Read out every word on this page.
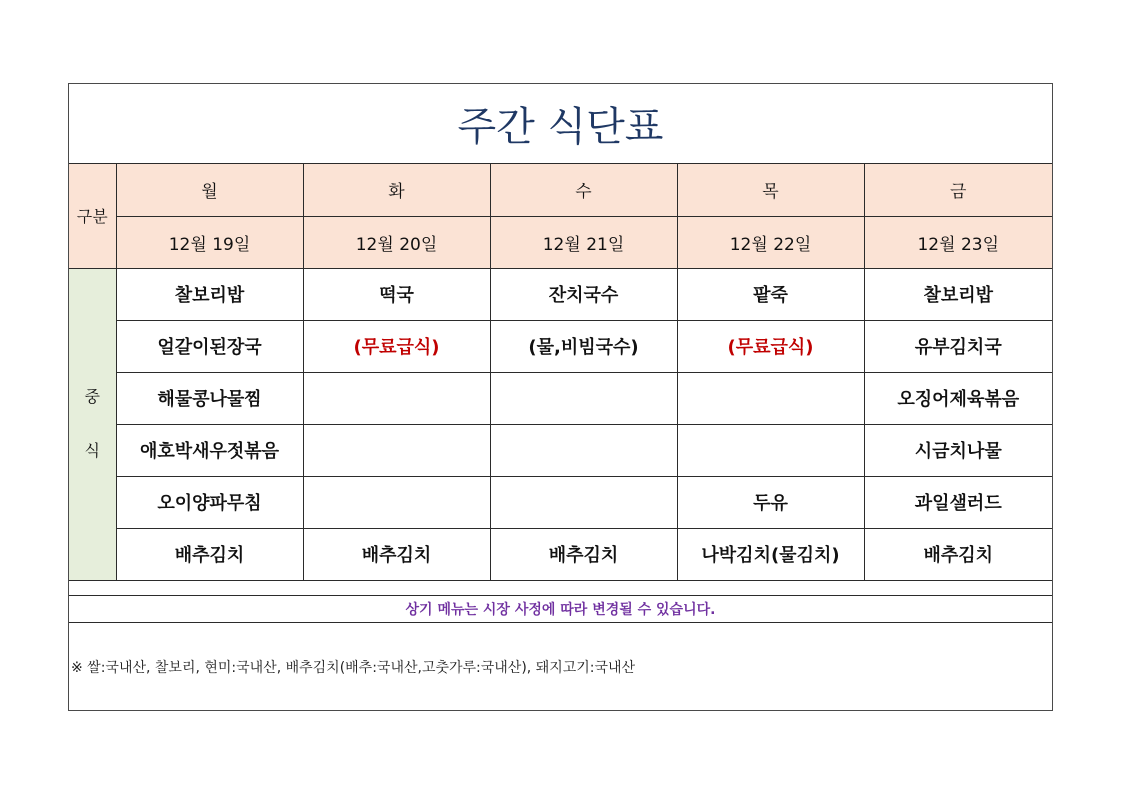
주간 식단표
구분	월	화	수	목	금
	12월 19일	12월 20일	12월 21일	12월 22일	12월 23일
중
식	찰보리밥	떡국	잔치국수	팥죽	찰보리밥
	얼갈이된장국	(무료급식)	(물,비빔국수)	(무료급식)	유부김치국
	해물콩나물찜				오징어제육볶음
	애호박새우젓볶음				시금치나물
	오이양파무침			두유	과일샐러드
	배추김치	배추김치	배추김치	나박김치(물김치)	배추김치
상기 메뉴는 시장 사정에 따라 변경될 수 있습니다.
※ 쌀:국내산, 찰보리, 현미:국내산, 배추김치(배추:국내산,고춧가루:국내산), 돼지고기:국내산
